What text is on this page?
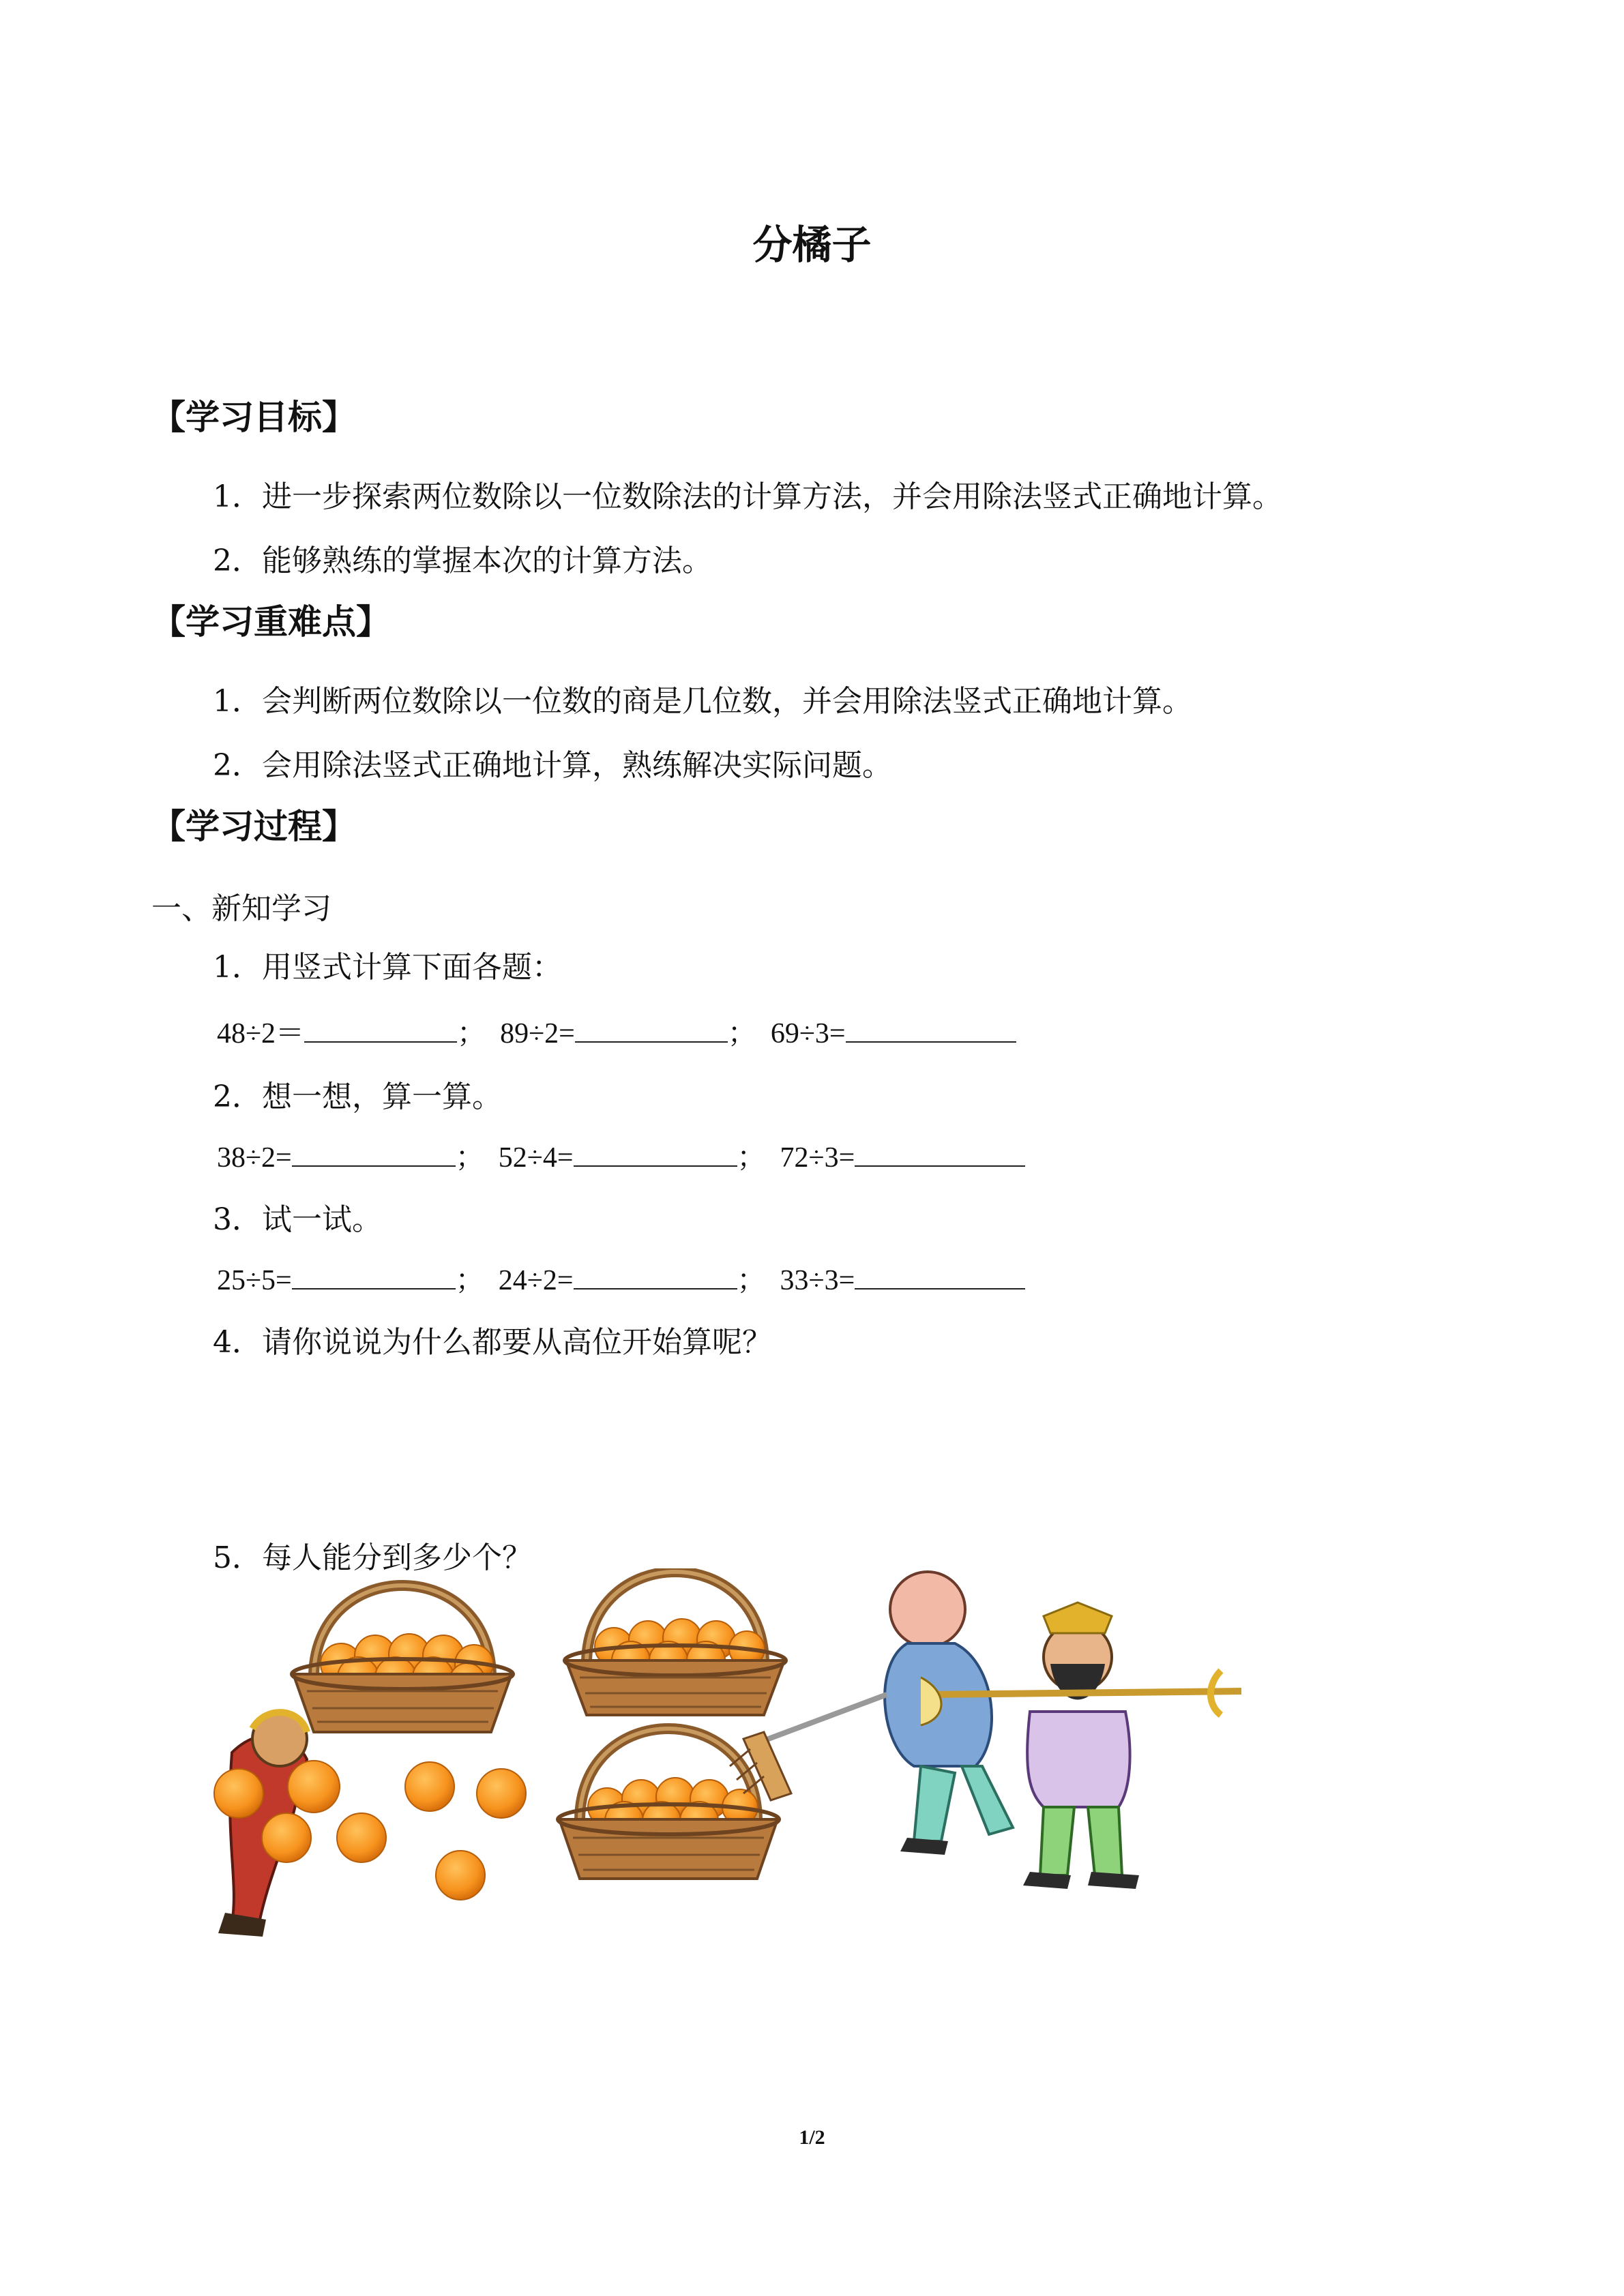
分橘子
【学习目标】
1．进一步探索两位数除以一位数除法的计算方法，并会用除法竖式正确地计算。
2．能够熟练的掌握本次的计算方法。
【学习重难点】
1．会判断两位数除以一位数的商是几位数，并会用除法竖式正确地计算。
2．会用除法竖式正确地计算，熟练解决实际问题。
【学习过程】
一、新知学习
1．用竖式计算下面各题：
48÷2＝	； 89÷2=	； 69÷3=
2．想一想，算一算。
38÷2=	； 52÷4=	； 72÷3=
3．试一试。
25÷5=	； 24÷2=	； 33÷3=
4．请你说说为什么都要从高位开始算呢？
5．每人能分到多少个？
1/2
